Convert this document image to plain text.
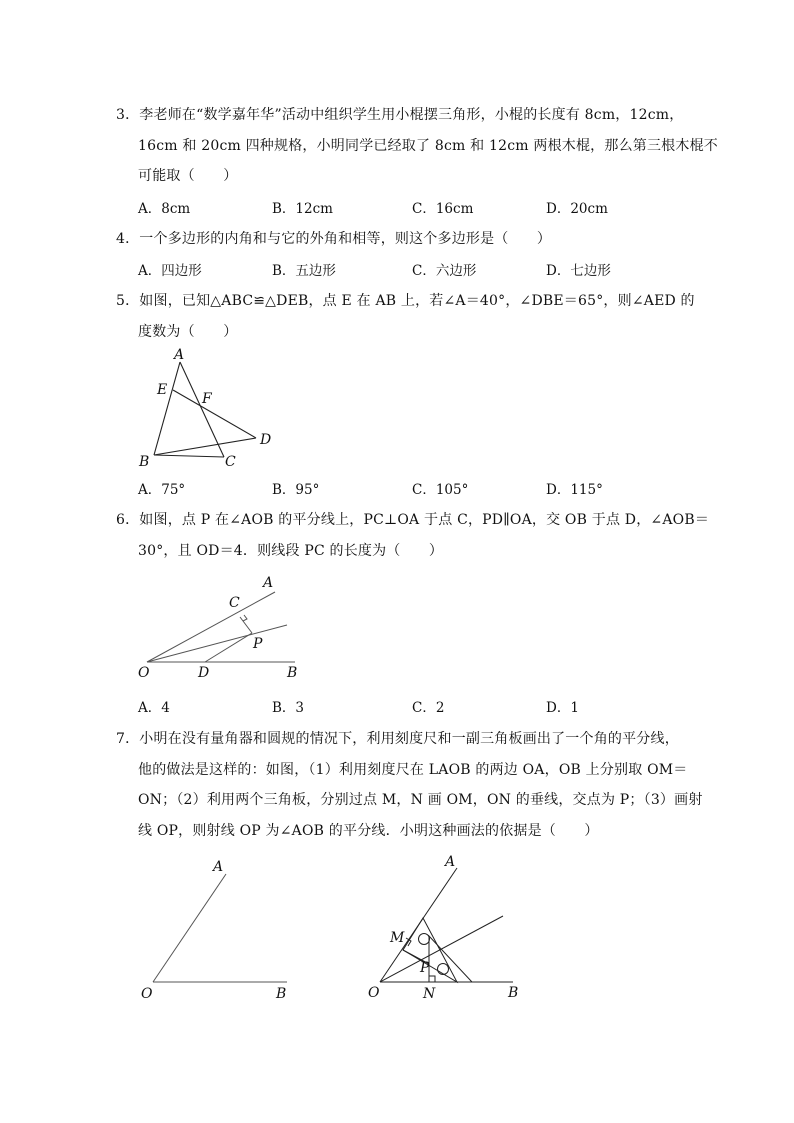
3．李老师在“数学嘉年华”活动中组织学生用小棍摆三角形，小棍的长度有 8cm，12cm，
16cm 和 20cm 四种规格，小明同学已经取了 8cm 和 12cm 两根木棍，那么第三根木棍不
可能取（　　）
A．8cm	B．12cm	C．16cm	D．20cm
4．一个多边形的内角和与它的外角和相等，则这个多边形是（　　）
A．四边形	B．五边形	C．六边形	D．七边形
5．如图，已知△ABC≌△DEB，点 E 在 AB 上，若∠A＝40°，∠DBE＝65°，则∠AED 的
度数为（　　）
A
E
F
D
B	C
A．75°	B．95°	C．105°	D．115°
6．如图，点 P 在∠AOB 的平分线上，PC⊥OA 于点 C，PD∥OA，交 OB 于点 D，∠AOB＝
30°，且 OD＝4．则线段 PC 的长度为（　　）
A
C
P
O	D	B
A．4	B．3	C．2	D．1
7．小明在没有量角器和圆规的情况下，利用刻度尺和一副三角板画出了一个角的平分线，
他的做法是这样的：如图，（1）利用刻度尺在 LAOB 的两边 OA，OB 上分别取 OM＝
ON；（2）利用两个三角板，分别过点 M，N 画 OM，ON 的垂线，交点为 P；（3）画射
线 OP，则射线 OP 为∠AOB 的平分线．小明这种画法的依据是（　　）
A
O	B
A
M
P
O	N	B
